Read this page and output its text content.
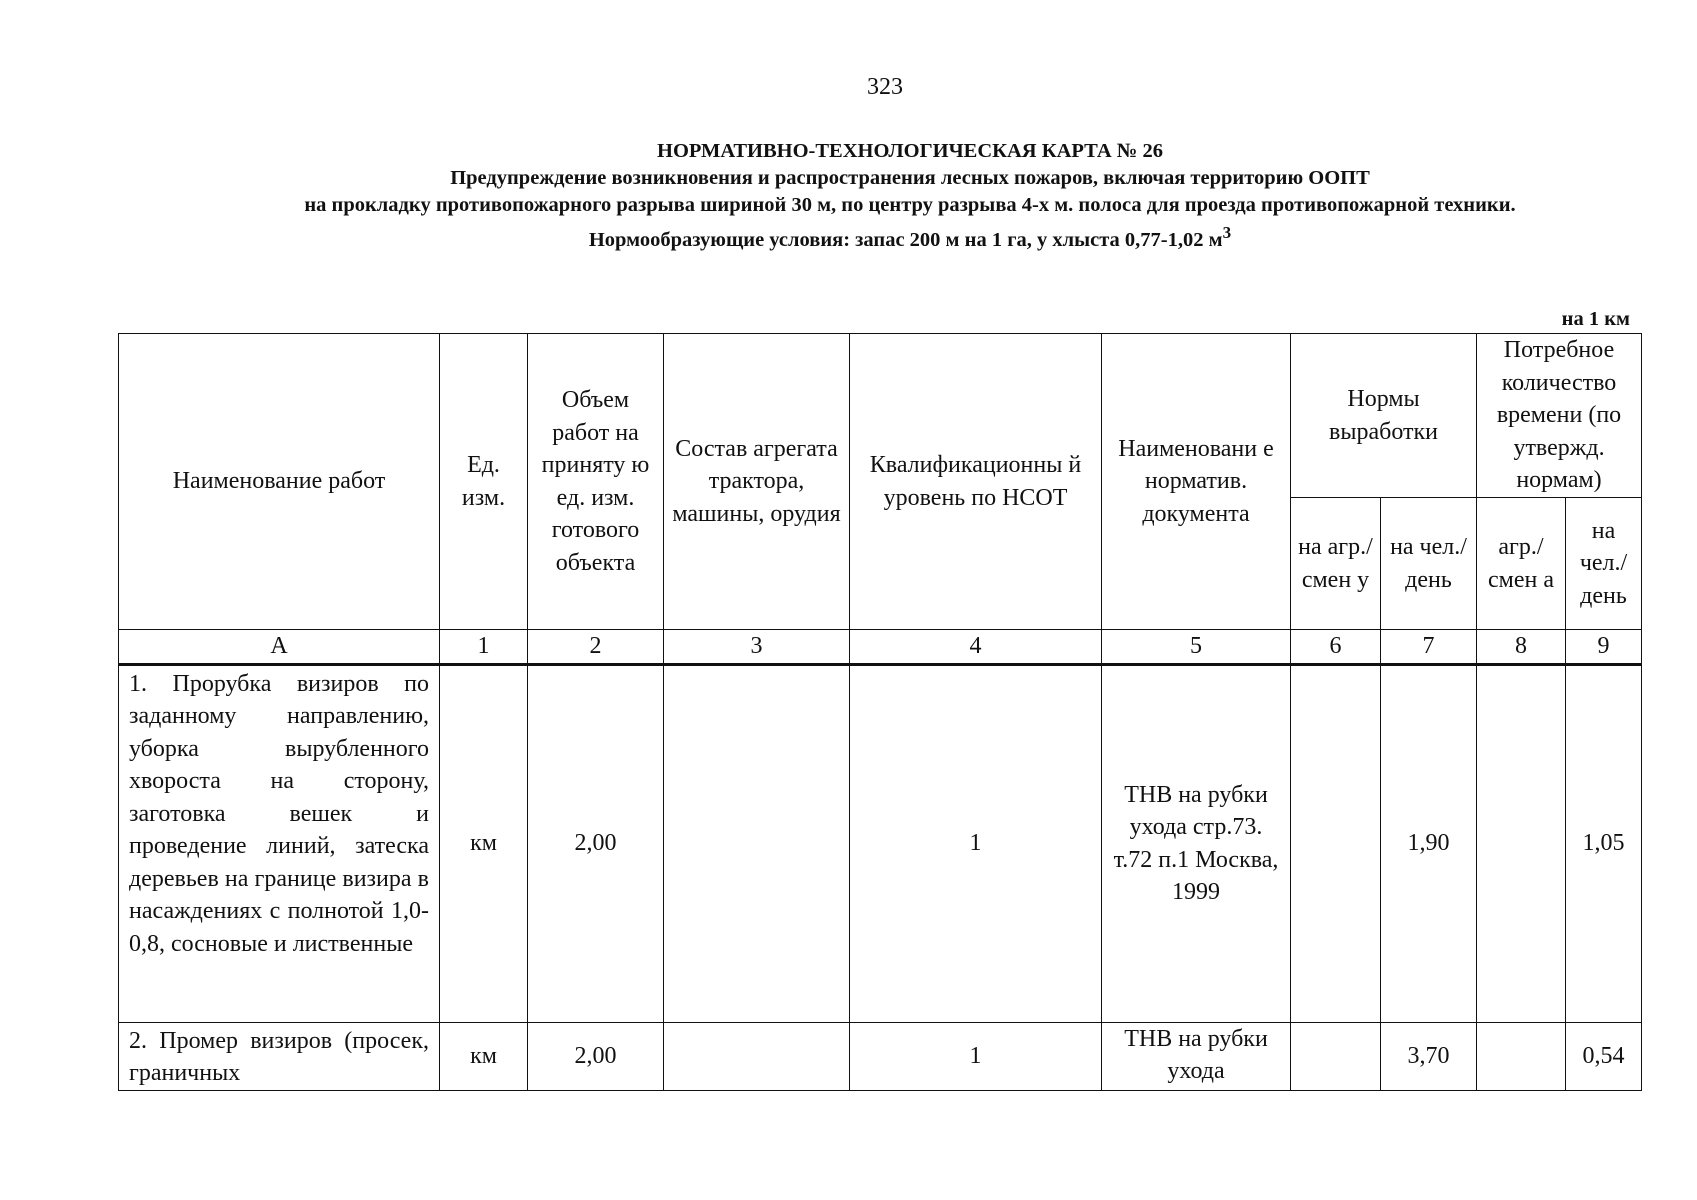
323
НОРМАТИВНО-ТЕХНОЛОГИЧЕСКАЯ КАРТА № 26
Предупреждение возникновения и распространения лесных пожаров, включая территорию ООПТ
на прокладку противопожарного разрыва шириной 30 м, по центру разрыва 4-х м. полоса для проезда противопожарной техники.
Нормообразующие условия: запас 200 м на 1 га, у хлыста 0,77-1,02 $м^3$
на 1 км
Наименование работ	Ед. изм.	Объем работ на приняту ю ед. изм. готового объекта	Состав агрегата трактора, машины, орудия	Квалификационны й уровень по НСОТ	Наименовани е норматив. документа	Нормы выработки		Потребное количество времени (по утвержд. нормам)	
						на агр./ смен у	на чел./ день	агр./ смен а	на чел./ день
А	1	2	3	4	5	6	7	8	9
1. Прорубка визиров по заданному направлению, уборка вырубленного хвороста на сторону, заготовка вешек и проведение линий, затеска деревьев на границе визира в насаждениях с полнотой 1,0-0,8, сосновые и лиственные	км	2,00		1	ТНВ на рубки ухода стр.73. т.72 п.1 Москва, 1999		1,90		1,05
2. Промер визиров (просек, граничных	км	2,00		1	ТНВ на рубки ухода		3,70		0,54
